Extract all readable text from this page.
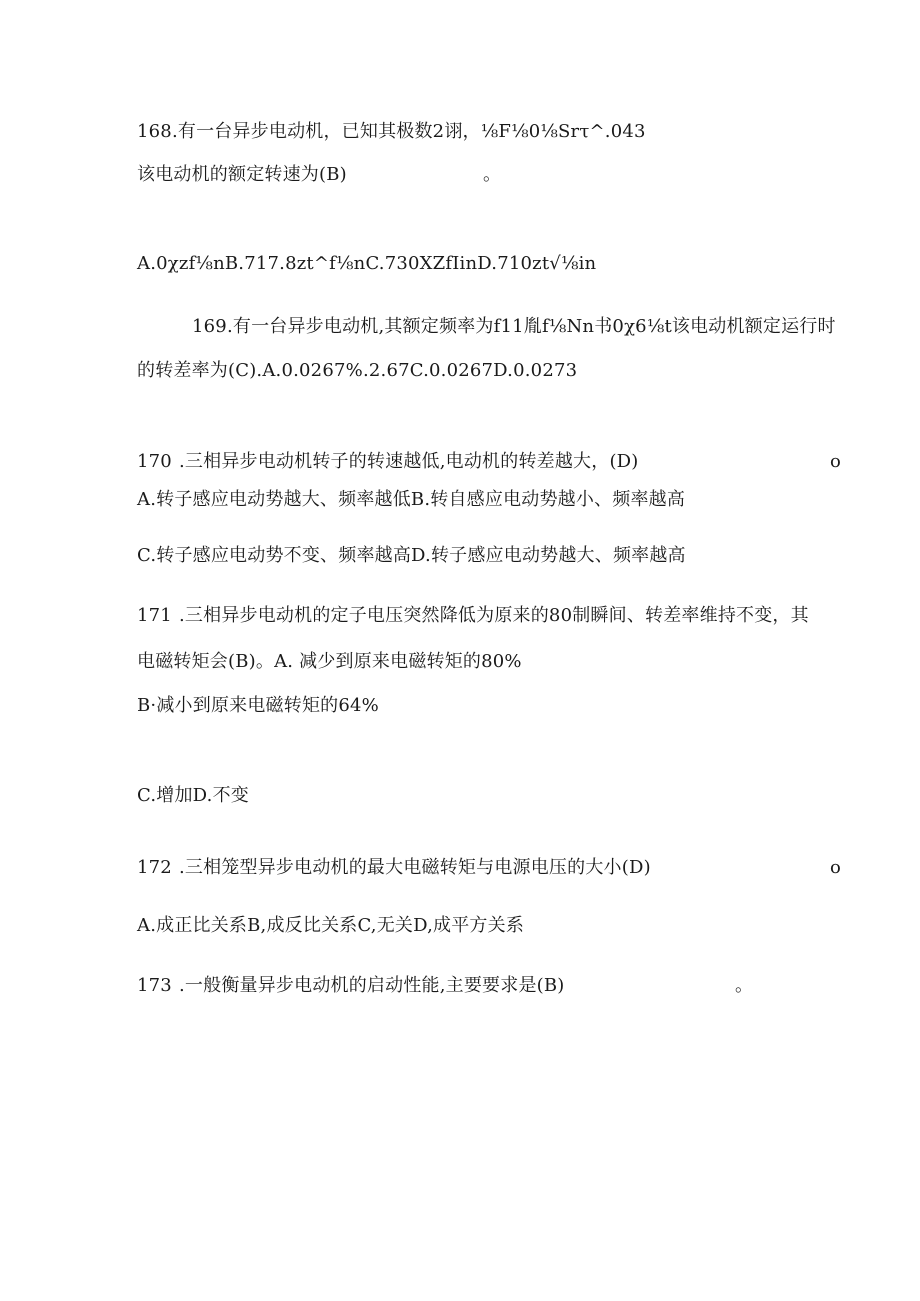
168.有一台异步电动机，已知其极数2诩，⅛F⅛0⅛Srτ^.043
该电动机的额定转速为(B)	。
A.0χzf⅛nB.717.8zt^f⅛nC.730XZfIinD.710zt√⅛in
169.有一台异步电动机,其额定频率为f11胤f⅛Nn书0χ6⅛t该电动机额定运行时
的转差率为(C).A.0.0267%.2.67C.0.0267D.0.0273
170 .三相异步电动机转子的转速越低,电动机的转差越大，(D)	o
A.转子感应电动势越大、频率越低B.转自感应电动势越小、频率越高
C.转子感应电动势不变、频率越高D.转子感应电动势越大、频率越高
171 .三相异步电动机的定子电压突然降低为原来的80制瞬间、转差率维持不变，其
电磁转矩会(B)。A. 减少到原来电磁转矩的80%
B·减小到原来电磁转矩的64%
C.增加D.不变
172 .三相笼型异步电动机的最大电磁转矩与电源电压的大小(D)	o
A.成正比关系B,成反比关系C,无关D,成平方关系
173 .一般衡量异步电动机的启动性能,主要要求是(B)	。
